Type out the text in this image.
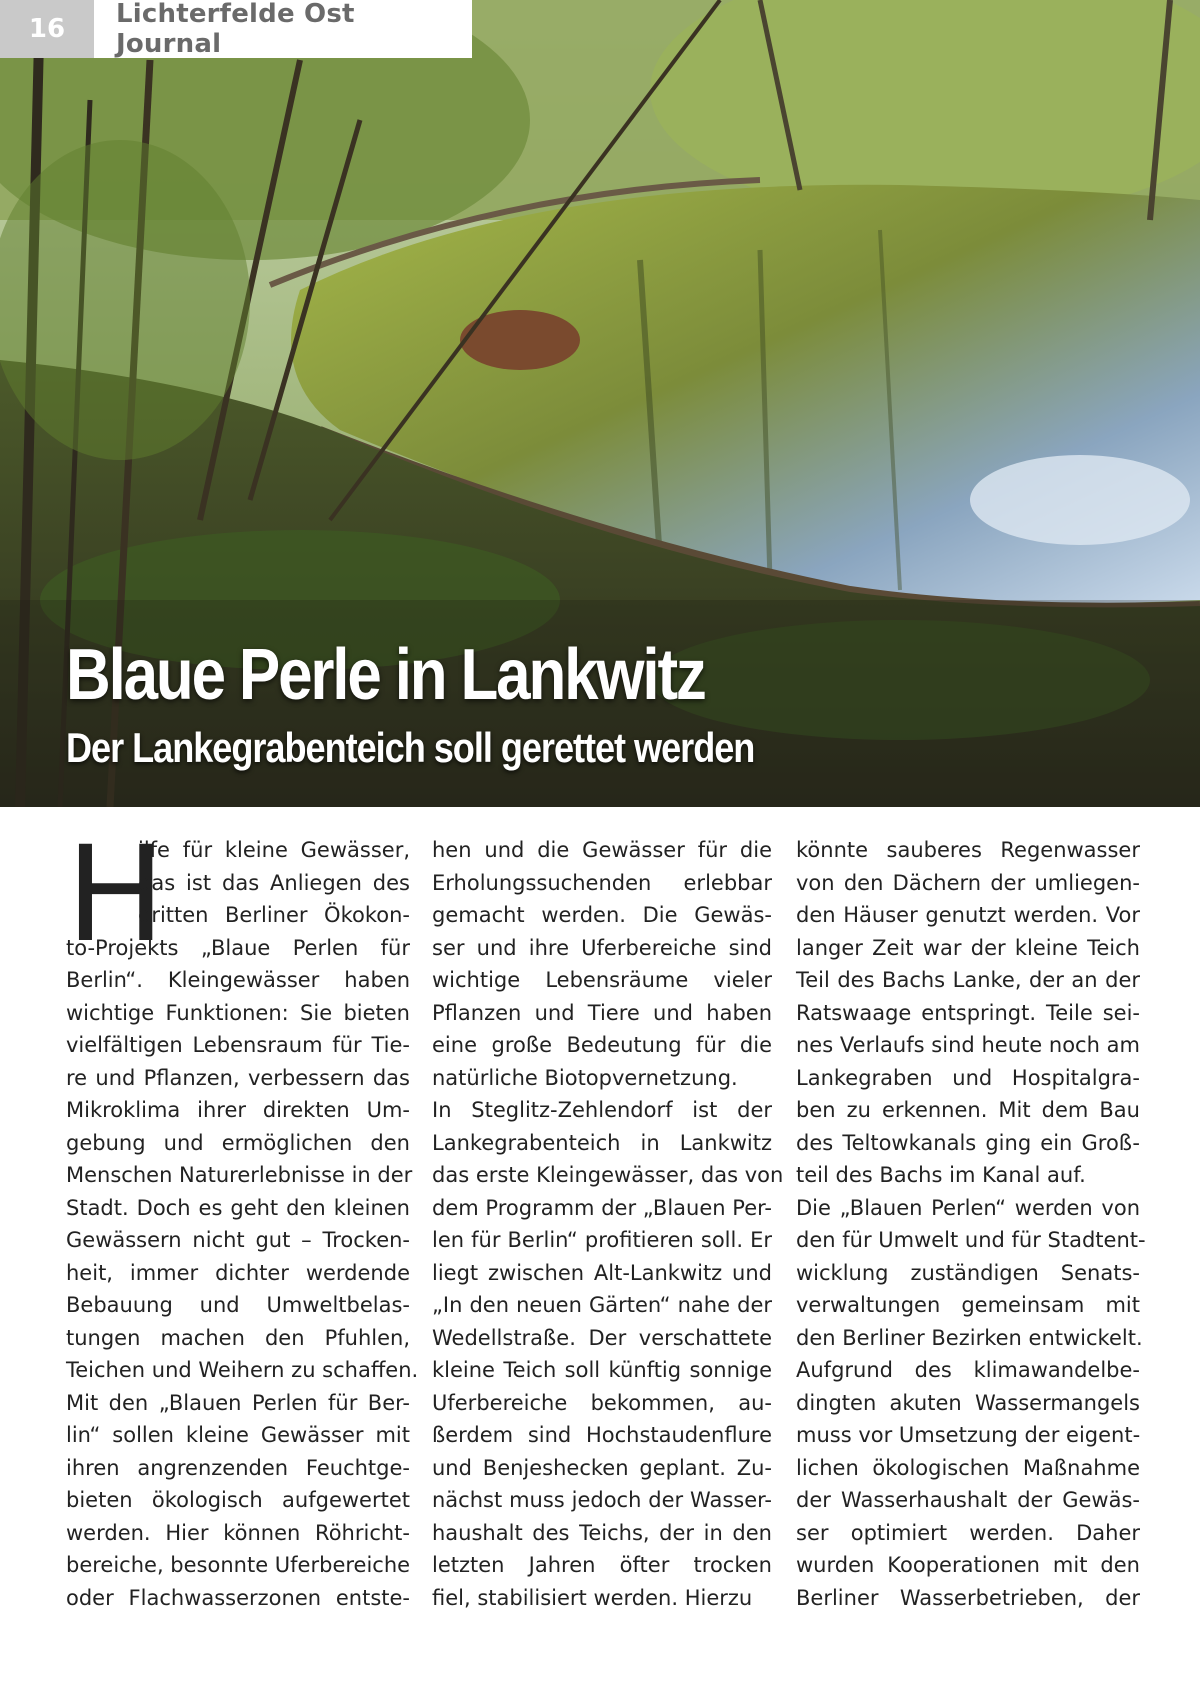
16	Lichterfelde Ost Journal
Blaue Perle in Lankwitz
Der Lankegrabenteich soll gerettet werden
H
ilfe für kleine Gewässer,
das ist das Anliegen des
dritten Berliner Ökokon-
to-Projekts „Blaue Perlen für
Berlin“. Kleingewässer haben
wichtige Funktionen: Sie bieten
vielfältigen Lebensraum für Tie-
re und Pflanzen, verbessern das
Mikroklima ihrer direkten Um-
gebung und ermöglichen den
Menschen Naturerlebnisse in der
Stadt. Doch es geht den kleinen
Gewässern nicht gut – Trocken-
heit, immer dichter werdende
Bebauung und Umweltbelas-
tungen machen den Pfuhlen,
Teichen und Weihern zu schaffen.
Mit den „Blauen Perlen für Ber-
lin“ sollen kleine Gewässer mit
ihren angrenzenden Feuchtge-
bieten ökologisch aufgewertet
werden. Hier können Röhricht-
bereiche, besonnte Uferbereiche
oder Flachwasserzonen entste-
hen und die Gewässer für die
Erholungssuchenden erlebbar
gemacht werden. Die Gewäs-
ser und ihre Uferbereiche sind
wichtige Lebensräume vieler
Pflanzen und Tiere und haben
eine große Bedeutung für die
natürliche Biotopvernetzung.
In Steglitz-Zehlendorf ist der
Lankegrabenteich in Lankwitz
das erste Kleingewässer, das von
dem Programm der „Blauen Per-
len für Berlin“ profitieren soll. Er
liegt zwischen Alt-Lankwitz und
„In den neuen Gärten“ nahe der
Wedellstraße. Der verschattete
kleine Teich soll künftig sonnige
Uferbereiche bekommen, au-
ßerdem sind Hochstaudenflure
und Benjeshecken geplant. Zu-
nächst muss jedoch der Wasser-
haushalt des Teichs, der in den
letzten Jahren öfter trocken
fiel, stabilisiert werden. Hierzu
könnte sauberes Regenwasser
von den Dächern der umliegen-
den Häuser genutzt werden. Vor
langer Zeit war der kleine Teich
Teil des Bachs Lanke, der an der
Ratswaage entspringt. Teile sei-
nes Verlaufs sind heute noch am
Lankegraben und Hospitalgra-
ben zu erkennen. Mit dem Bau
des Teltowkanals ging ein Groß-
teil des Bachs im Kanal auf.
Die „Blauen Perlen“ werden von
den für Umwelt und für Stadtent-
wicklung zuständigen Senats-
verwaltungen gemeinsam mit
den Berliner Bezirken entwickelt.
Aufgrund des klimawandelbe-
dingten akuten Wassermangels
muss vor Umsetzung der eigent-
lichen ökologischen Maßnahme
der Wasserhaushalt der Gewäs-
ser optimiert werden. Daher
wurden Kooperationen mit den
Berliner Wasserbetrieben, der
